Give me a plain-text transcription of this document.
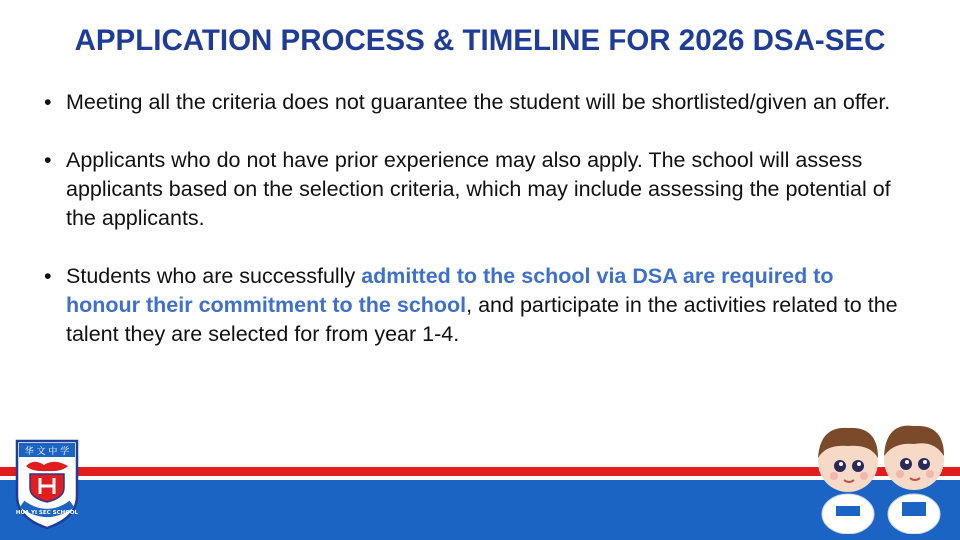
APPLICATION PROCESS & TIMELINE FOR 2026 DSA-SEC
• Meeting all the criteria does not guarantee the student will be shortlisted/given an offer.
• Applicants who do not have prior experience may also apply. The school will assess applicants based on the selection criteria, which may include assessing the potential of the applicants.
• Students who are successfully admitted to the school via DSA are required to honour their commitment to the school, and participate in the activities related to the talent they are selected for from year 1-4.
华 文 中 学
HUA YI SEC SCHOOL
